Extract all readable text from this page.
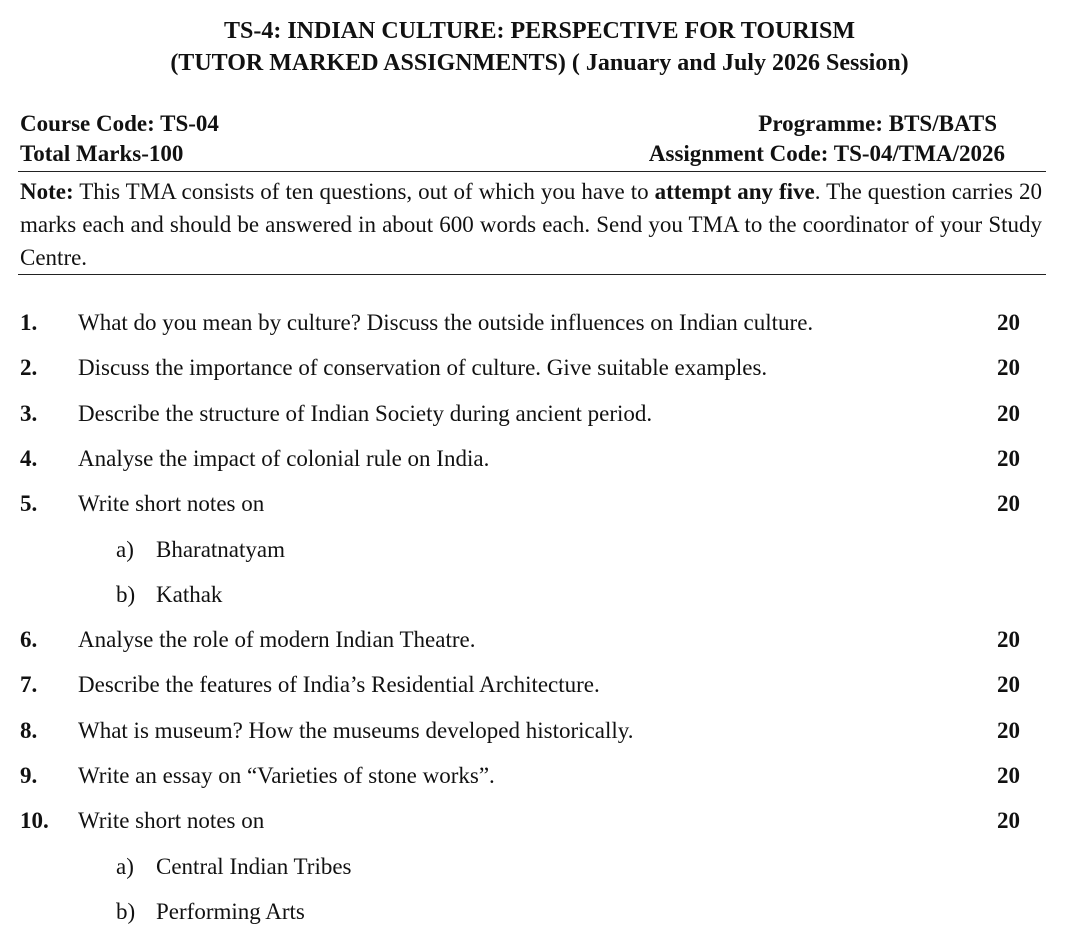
TS-4: INDIAN CULTURE: PERSPECTIVE FOR TOURISM
(TUTOR MARKED ASSIGNMENTS) ( January and July 2026 Session)
Course Code: TS-04	Programme: BTS/BATS
Total Marks-100	Assignment Code: TS-04/TMA/2026
Note: This TMA consists of ten questions, out of which you have to attempt any five. The question carries 20 marks each and should be answered in about 600 words each. Send you TMA to the coordinator of your Study Centre.
1. What do you mean by culture? Discuss the outside influences on Indian culture.	20
2. Discuss the importance of conservation of culture. Give suitable examples.	20
3. Describe the structure of Indian Society during ancient period.	20
4. Analyse the impact of colonial rule on India.	20
5. Write short notes on	20
a) Bharatnatyam
b) Kathak
6. Analyse the role of modern Indian Theatre.	20
7. Describe the features of India’s Residential Architecture.	20
8. What is museum? How the museums developed historically.	20
9. Write an essay on “Varieties of stone works”.	20
10. Write short notes on	20
a) Central Indian Tribes
b) Performing Arts
